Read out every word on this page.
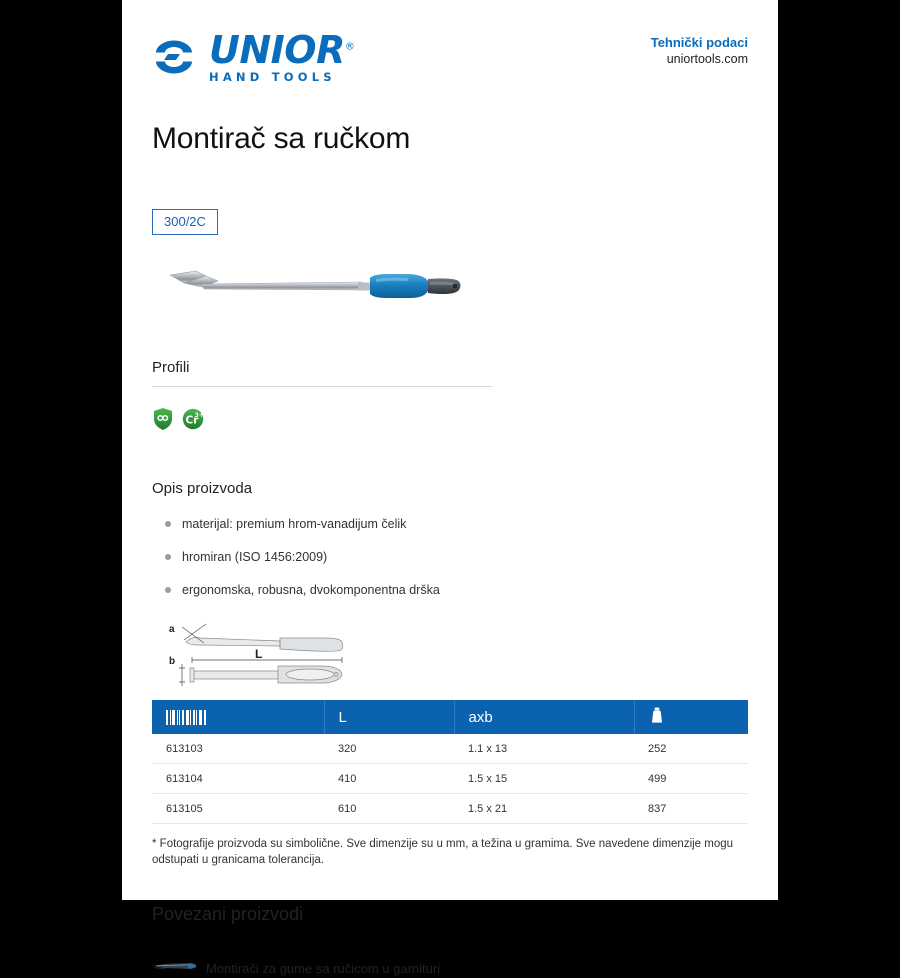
UNIOR®
HAND TOOLS
Tehnički podaci
uniortools.com
Montirač sa ručkom
300/2C
Profili
Cr
3+
Opis proizvoda
materijal: premium hrom-vanadijum čelik
hromiran (ISO 1456:2009)
ergonomska, robusna, dvokomponentna drška
a
b
L
	L	axb	
613103	320	1.1 x 13	252
613104	410	1.5 x 15	499
613105	610	1.5 x 21	837
* Fotografije proizvoda su simbolične. Sve dimenzije su u mm, a težina u gramima. Sve navedene dimenzije mogu odstupati u granicama tolerancija.
Povezani proizvodi
Montirači za gume sa ručicom u garnituri
